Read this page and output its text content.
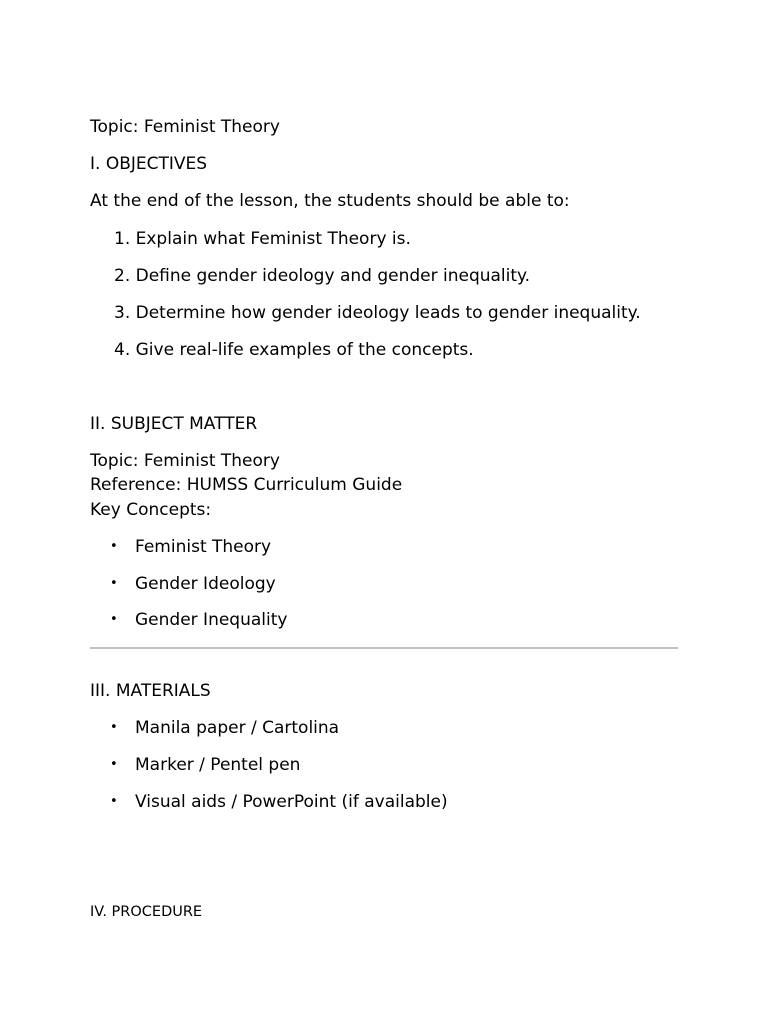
Topic: Feminist Theory

I. OBJECTIVES

At the end of the lesson, the students should be able to:

1. Explain what Feminist Theory is.
2. Define gender ideology and gender inequality.
3. Determine how gender ideology leads to gender inequality.
4. Give real-life examples of the concepts.

II. SUBJECT MATTER

Topic: Feminist Theory

Reference: HUMSS Curriculum Guide

Key Concepts:

• Feminist Theory
• Gender Ideology
• Gender Inequality

III. MATERIALS

• Manila paper / Cartolina
• Marker / Pentel pen
• Visual aids / PowerPoint (if available)

IV. PROCEDURE
